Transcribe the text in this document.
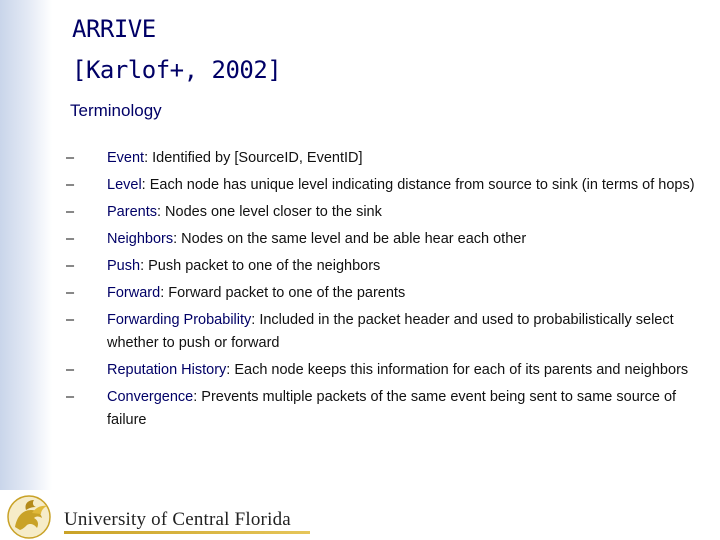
ARRIVE
[Karlof+, 2002]
Terminology
– Event: Identified by [SourceID, EventID]
– Level: Each node has unique level indicating distance from source to sink (in terms of hops)
– Parents: Nodes one level closer to the sink
– Neighbors: Nodes on the same level and be able hear each other
– Push: Push packet to one of the neighbors
– Forward: Forward packet to one of the parents
– Forwarding Probability: Included in the packet header and used to probabilistically select whether to push or forward
– Reputation History: Each node keeps this information for each of its parents and neighbors
– Convergence: Prevents multiple packets of the same event being sent to same source of failure
University of Central Florida
